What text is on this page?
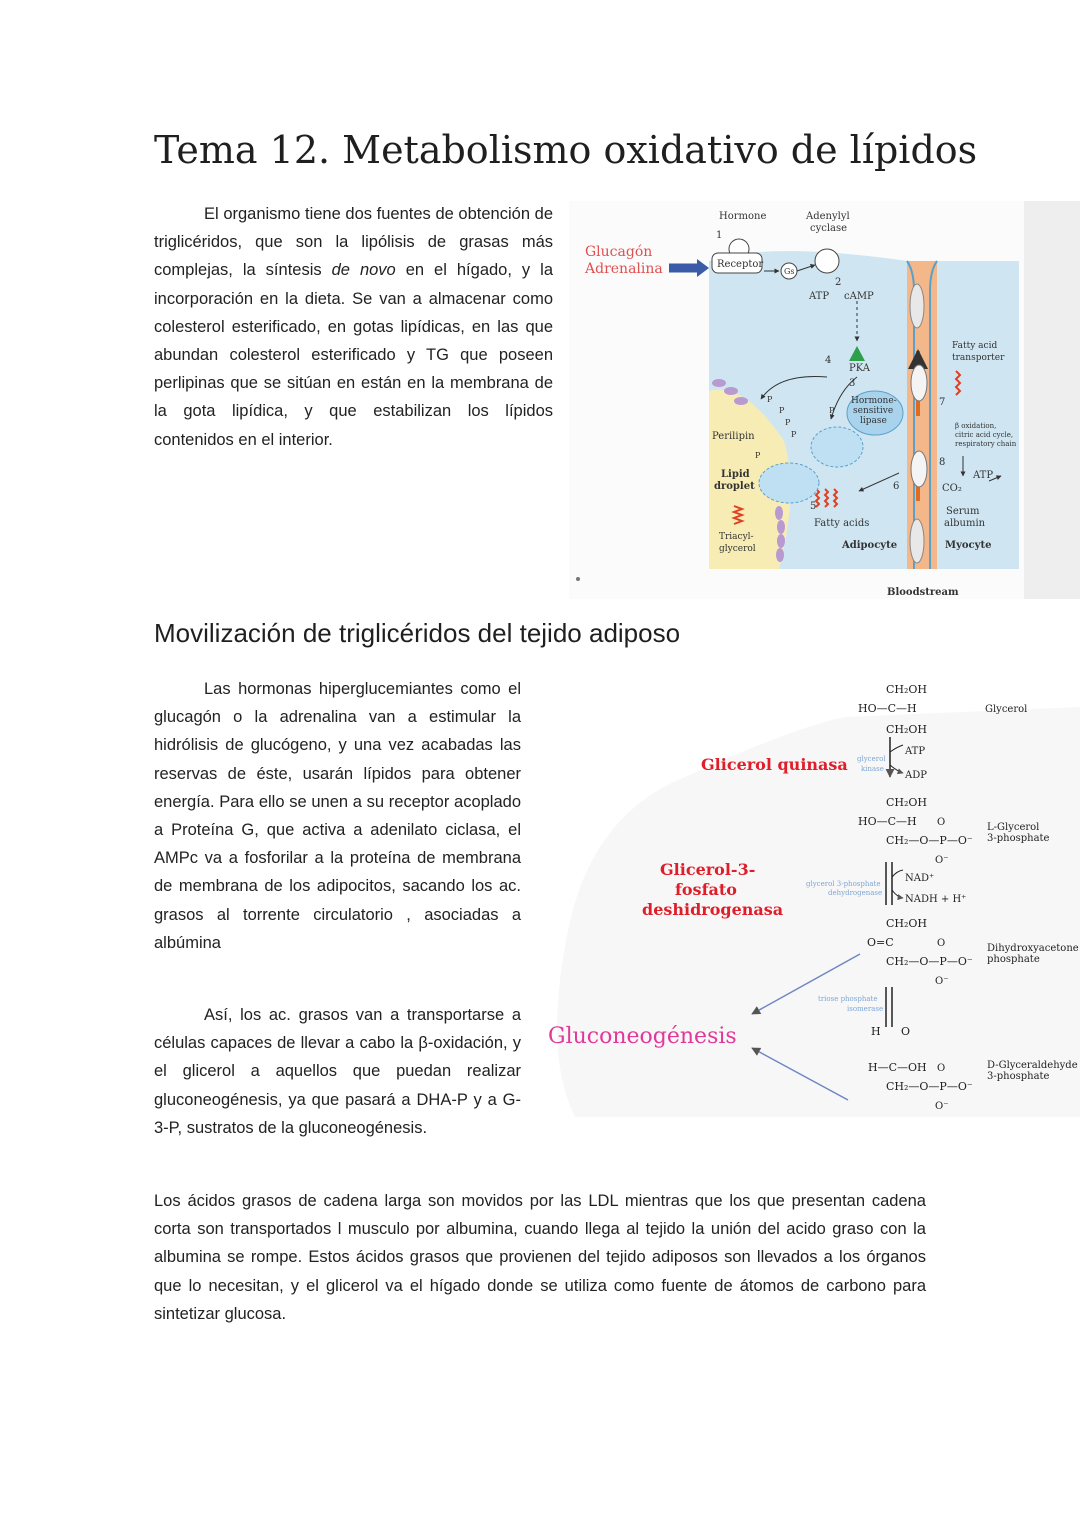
Tema 12. Metabolismo oxidativo de lípidos

El organismo tiene dos fuentes de obtención de triglicéridos, que son la lipólisis de grasas más complejas, la síntesis de novo en el hígado, y la incorporación en la dieta. Se van a almacenar como colesterol esterificado, en gotas lipídicas, en las que abundan colesterol esterificado y TG que poseen perlipinas que se sitúan en están en la membrana de la gota lipídica, y que estabilizan los lípidos contenidos en el interior.

Glucagón
Adrenalina
Hormone	Adenylyl
cyclase
Receptor
Gs
ATP cAMP
PKA
Hormone-
sensitive
lipase
Perilipin
Lipid
droplet
Triacyl-
glycerol
Fatty acids
Adipocyte
Fatty acid
transporter
β oxidation,
citric acid cycle,
respiratory chain
ATP
CO₂
Serum
albumin
Myocyte
Bloodstream
1
2
3
4
5
6
7
8
P
P
P
P
P
P
Movilización de triglicéridos del tejido adiposo

Las hormonas hiperglucemiantes como el glucagón o la adrenalina van a estimular la hidrólisis de glucógeno, y una vez acabadas las reservas de éste, usarán lípidos para obtener energía. Para ello se unen a su receptor acoplado a Proteína G, que activa a adenilato ciclasa, el AMPc va a fosforilar a la proteína de membrana de membrana de los adipocitos, sacando los ac. grasos al torrente circulatorio , asociadas a albúmina

Así, los ac. grasos van a transportarse a células capaces de llevar a cabo la β-oxidación, y el glicerol a aquellos que puedan realizar gluconeogénesis, ya que pasará a DHA-P y a G-3-P, sustratos de la gluconeogénesis.

Glicerol quinasa
Glicerol-3-
fosfato
deshidrogenasa
Gluconeogénesis
glycerol
kinase
glycerol 3-phosphate
dehydrogenase
triose phosphate
isomerase
ATP
ADP
NAD⁺
NADH + H⁺
CH₂OH
HO—C—H
CH₂OH
Glycerol
CH₂OH
HO—C—H O
CH₂—O—P—O⁻
O⁻
L-Glycerol
3-phosphate
CH₂OH
O=C	O
CH₂—O—P—O⁻
O⁻
Dihydroxyacetone
phosphate
H O
H—C—OH O
CH₂—O—P—O⁻
O⁻
D-Glyceraldehyde
3-phosphate

Los ácidos grasos de cadena larga son movidos por las LDL mientras que los que presentan cadena corta son transportados l musculo por albumina, cuando llega al tejido la unión del acido graso con la albumina se rompe. Estos ácidos grasos que provienen del tejido adiposos son llevados a los órganos que lo necesitan, y el glicerol va el hígado donde se utiliza como fuente de átomos de carbono para sintetizar glucosa.
